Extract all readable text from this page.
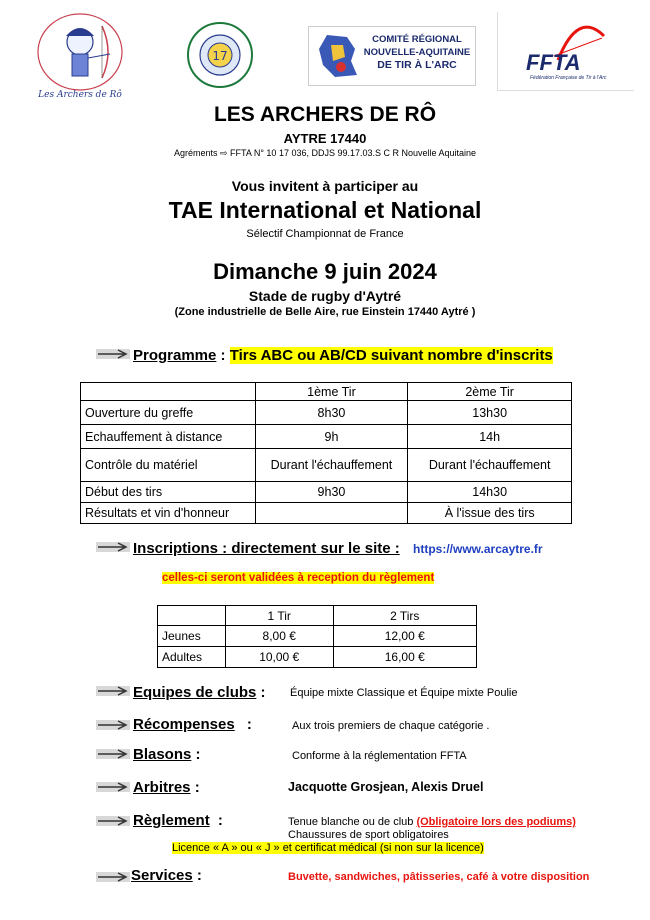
Les Archers de Rô
17
COMITÉ RÉGIONAL
NOUVELLE-AQUITAINE
DE TIR À L'ARC	FFTA
Fédération Française de Tir à l'Arc
LES ARCHERS DE RÔ
AYTRE 17440
Agréments ⇨ FFTA N° 10 17 036, DDJS 99.17.03.S C R Nouvelle Aquitaine
Vous invitent à participer au
TAE International et National
Sélectif Championnat de France
Dimanche 9 juin 2024
Stade de rugby d'Aytré
(Zone industrielle de Belle Aire, rue Einstein 17440 Aytré )
Programme : Tirs ABC ou AB/CD suivant nombre d'inscrits
	1ème Tir	2ème Tir
Ouverture du greffe	8h30	13h30
Echauffement à distance	9h	14h
Contrôle du matériel	Durant l'échauffement	Durant l'échauffement
Début des tirs	9h30	14h30
Résultats et vin d'honneur		À l'issue des tirs
Inscriptions : directement sur le site : https://www.arcaytre.fr
celles-ci seront validées à reception du règlement
	1 Tir	2 Tirs
Jeunes	8,00 €	12,00 €
Adultes	10,00 €	16,00 €
Equipes de clubs : Équipe mixte Classique et Équipe mixte Poulie
Récompenses :	Aux trois premiers de chaque catégorie .
Blasons :	Conforme à la réglementation FFTA
Arbitres :	Jacquotte Grosjean, Alexis Druel
Règlement :	Tenue blanche ou de club (Obligatoire lors des podiums)
Chaussures de sport obligatoires
Licence « A » ou « J » et certificat médical (si non sur la licence)
Services :	Buvette, sandwiches, pâtisseries, café à votre disposition
